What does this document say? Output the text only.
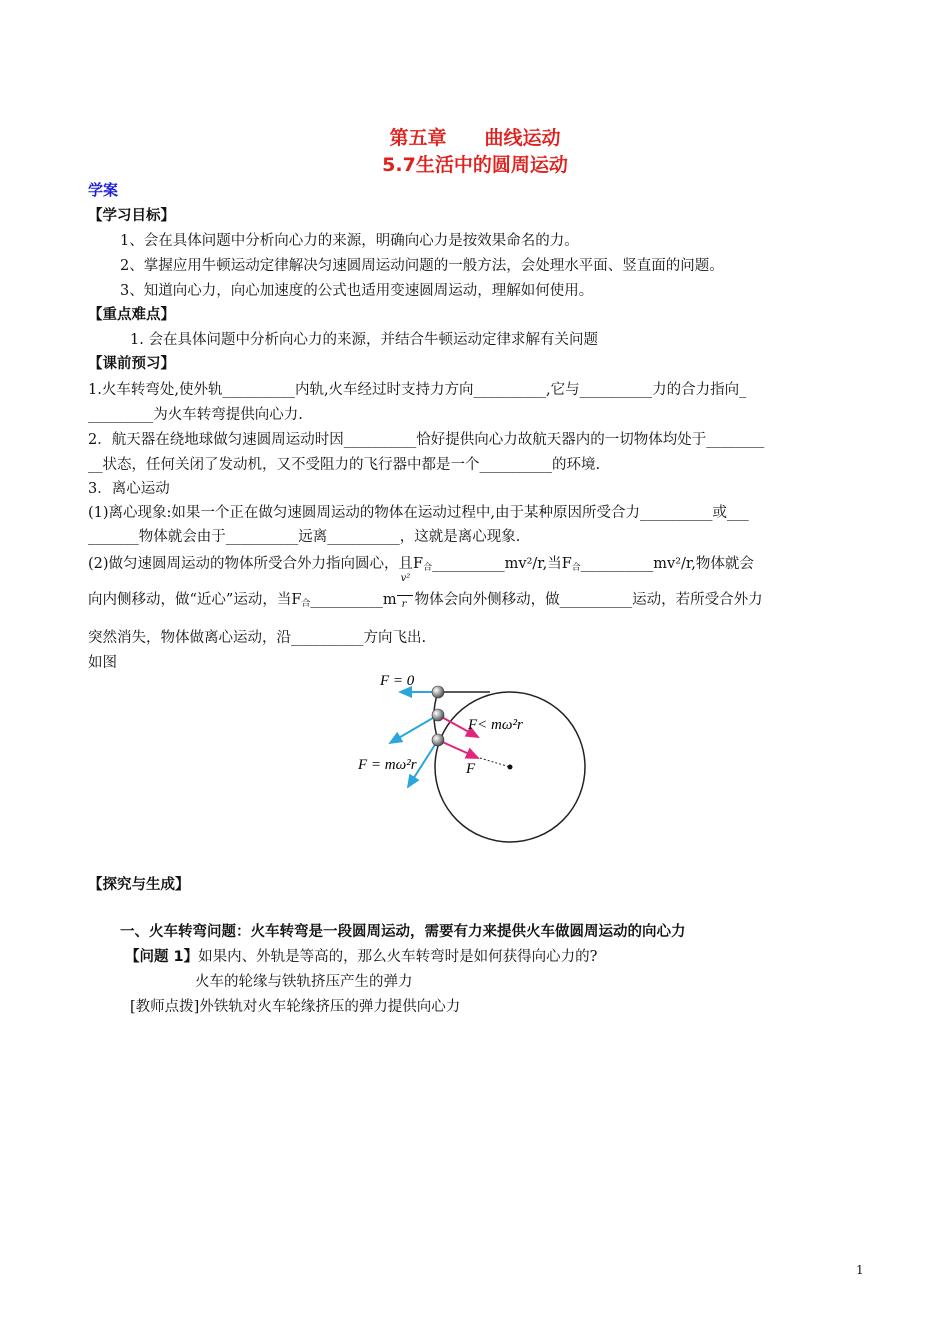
第五章　　曲线运动
5.7生活中的圆周运动
学案
【学习目标】
1、会在具体问题中分析向心力的来源，明确向心力是按效果命名的力。
2、掌握应用牛顿运动定律解决匀速圆周运动问题的一般方法，会处理水平面、竖直面的问题。
3、知道向心力，向心加速度的公式也适用变速圆周运动，理解如何使用。
【重点难点】
1. 会在具体问题中分析向心力的来源，并结合牛顿运动定律求解有关问题
【课前预习】
1.火车转弯处,使外轨__________内轨,火车经过时支持力方向__________,它与__________力的合力指向_
_________为火车转弯提供向心力.
2．航天器在绕地球做匀速圆周运动时因__________恰好提供向心力故航天器内的一切物体均处于________
__状态，任何关闭了发动机，又不受阻力的飞行器中都是一个__________的环境.
3．离心运动
(1)离心现象:如果一个正在做匀速圆周运动的物体在运动过程中,由于某种原因所受合力__________或___
_______物体就会由于__________远离__________，这就是离心现象.
(2)做匀速圆周运动的物体所受合外力指向圆心，且$F_合\_\_\_\_\_\_\_\_\_\_mv^2/r$,当$F_合\_\_\_\_\_\_\_\_\_\_mv^2/r$,物体就会
向内侧移动，做“近心”运动，当$F_合\_\_\_\_\_\_\_\_\_\_m \frac{\text{v²}}{r}$ 物体会向外侧移动，做__________运动，若所受合外力
突然消失，物体做离心运动，沿__________方向飞出.
如图
F = 0
F< mω²r
F = mω²r	F
【探究与生成】
一、火车转弯问题：火车转弯是一段圆周运动，需要有力来提供火车做圆周运动的向心力
【问题 1】如果内、外轨是等高的，那么火车转弯时是如何获得向心力的?
火车的轮缘与铁轨挤压产生的弹力
[教师点拨]外铁轨对火车轮缘挤压的弹力提供向心力
1
